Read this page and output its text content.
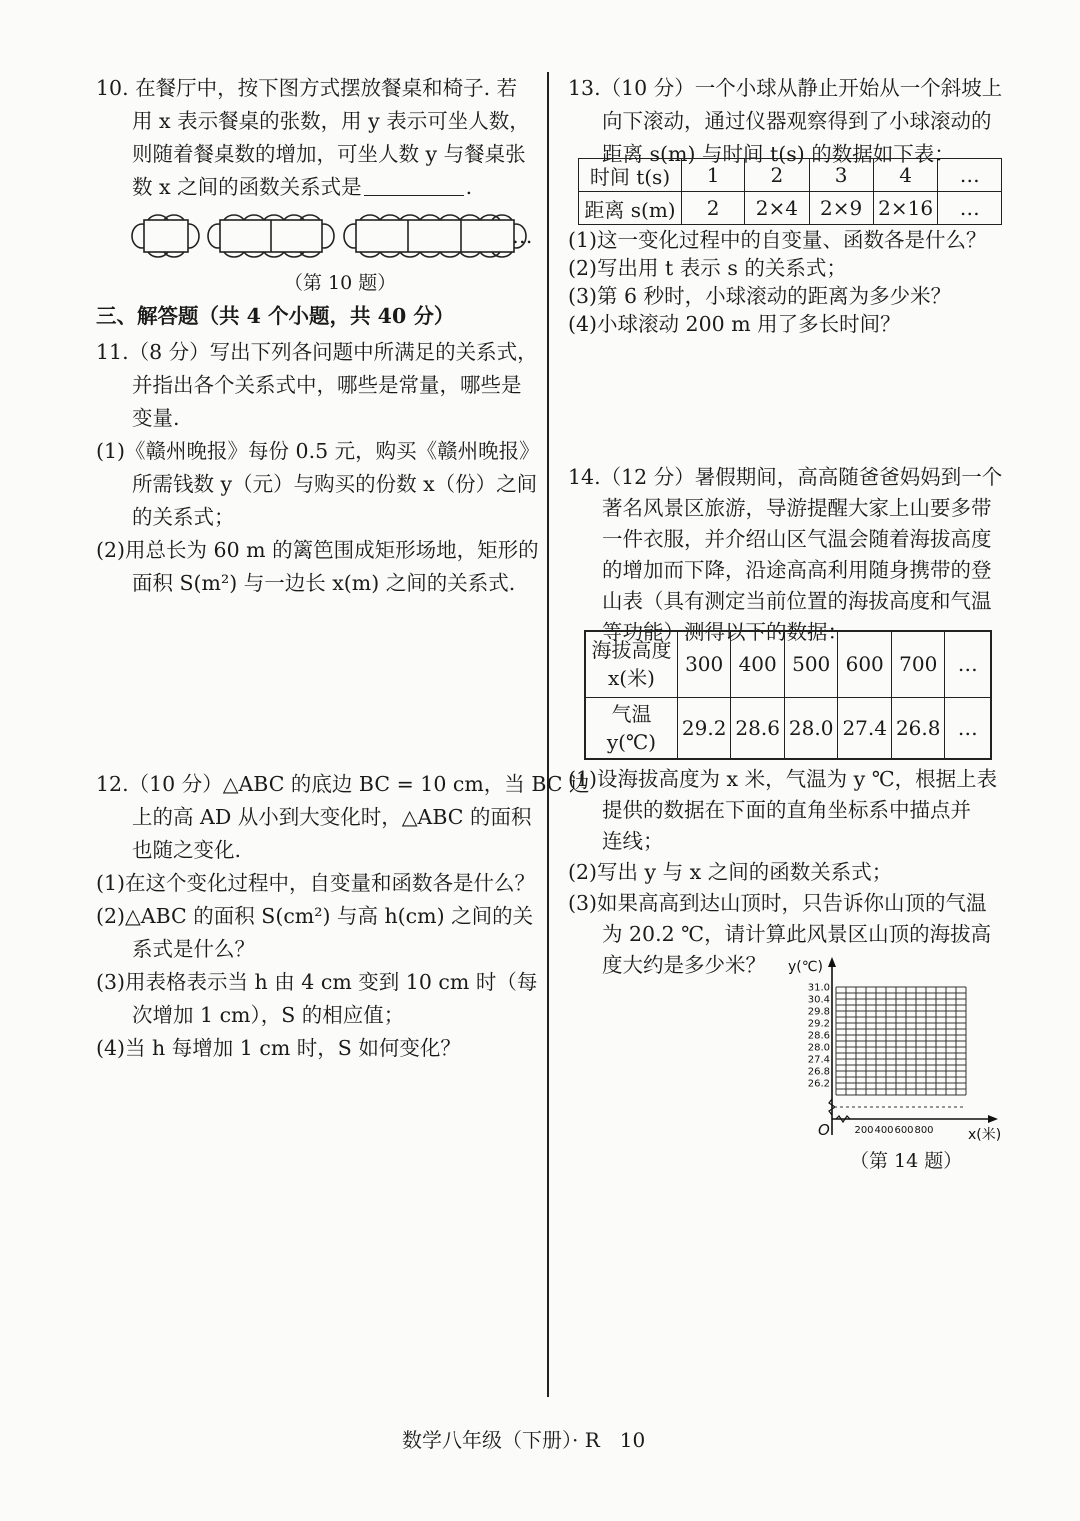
10. 在餐厅中，按下图方式摆放餐桌和椅子. 若
用 x 表示餐桌的张数，用 y 表示可坐人数，
则随着餐桌数的增加，可坐人数 y 与餐桌张
数 x 之间的函数关系式是	.
…
（第 10 题）
三、解答题（共 4 个小题，共 40 分）
11.（8 分）写出下列各问题中所满足的关系式，
并指出各个关系式中，哪些是常量，哪些是
变量.
(1)《赣州晚报》每份 0.5 元，购买《赣州晚报》
所需钱数 y（元）与购买的份数 x（份）之间
的关系式；
(2)用总长为 60 m 的篱笆围成矩形场地，矩形的
面积 S(m²) 与一边长 x(m) 之间的关系式.
12.（10 分）△ABC 的底边 BC = 10 cm，当 BC 边
上的高 AD 从小到大变化时，△ABC 的面积
也随之变化.
(1)在这个变化过程中，自变量和函数各是什么？
(2)△ABC 的面积 S(cm²) 与高 h(cm) 之间的关
系式是什么？
(3)用表格表示当 h 由 4 cm 变到 10 cm 时（每
次增加 1 cm），S 的相应值；
(4)当 h 每增加 1 cm 时，S 如何变化？
13.（10 分）一个小球从静止开始从一个斜坡上
向下滚动，通过仪器观察得到了小球滚动的
距离 s(m) 与时间 t(s) 的数据如下表：
时间 t(s)	1	2	3	4	…
距离 s(m)	2	2×4	2×9	2×16	…
(1)这一变化过程中的自变量、函数各是什么？
(2)写出用 t 表示 s 的关系式；
(3)第 6 秒时，小球滚动的距离为多少米？
(4)小球滚动 200 m 用了多长时间？
14.（12 分）暑假期间，高高随爸爸妈妈到一个
著名风景区旅游，导游提醒大家上山要多带
一件衣服，并介绍山区气温会随着海拔高度
的增加而下降，沿途高高利用随身携带的登
山表（具有测定当前位置的海拔高度和气温
等功能）测得以下的数据：
海拔高度
x(米)	300	400	500	600	700	…

气温
y(℃)	29.2	28.6	28.0	27.4	26.8	…
(1)设海拔高度为 x 米，气温为 y ℃，根据上表
提供的数据在下面的直角坐标系中描点并
连线；
(2)写出 y 与 x 之间的函数关系式；
(3)如果高高到达山顶时，只告诉你山顶的气温
为 20.2 ℃，请计算此风景区山顶的海拔高
度大约是多少米？
31.0
30.4
29.8
29.2
28.6
28.0
27.4
26.8
26.2
200 400 600 800
y(℃)
x(米)
O
（第 14 题）
数学八年级（下册）· R　10
